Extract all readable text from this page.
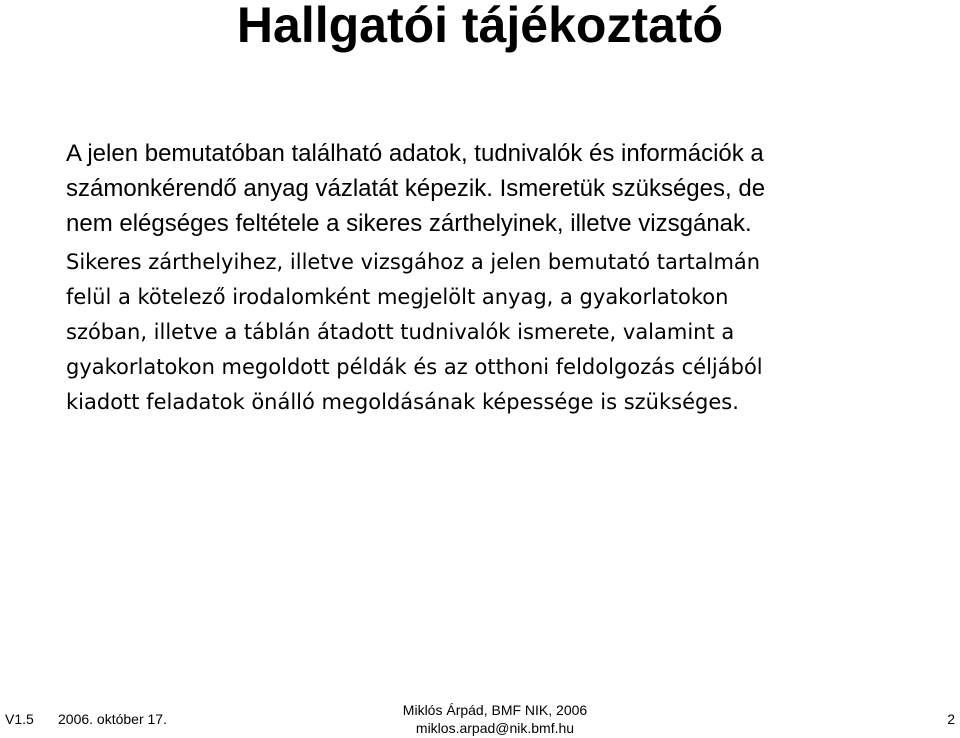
Hallgatói tájékoztató

A jelen bemutatóban található adatok, tudnivalók és információk a
számonkérendő anyag vázlatát képezik. Ismeretük szükséges, de
nem elégséges feltétele a sikeres zárthelyinek, illetve vizsgának.

Sikeres zárthelyihez, illetve vizsgához a jelen bemutató tartalmán
felül a kötelező irodalomként megjelölt anyag, a gyakorlatokon
szóban, illetve a táblán átadott tudnivalók ismerete, valamint a
gyakorlatokon megoldott példák és az otthoni feldolgozás céljából
kiadott feladatok önálló megoldásának képessége is szükséges.

V1.5 2006. október 17.
Miklós Árpád, BMF NIK, 2006
miklos.arpad@nik.bmf.hu
2
